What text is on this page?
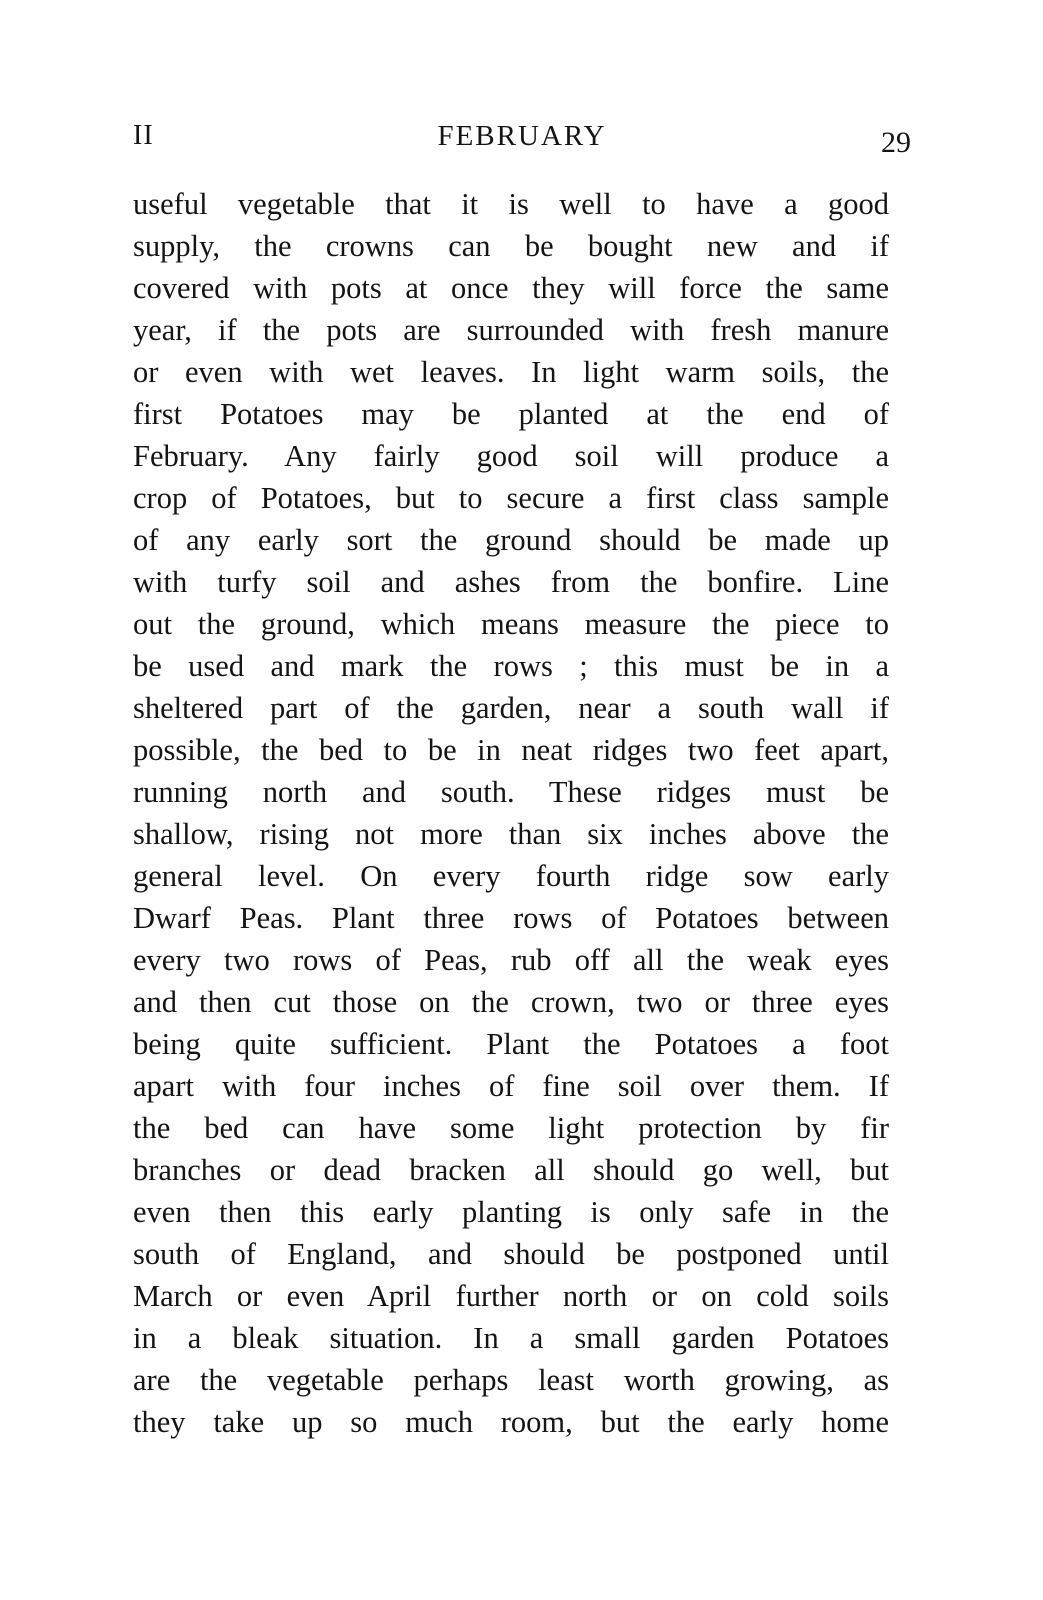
II	FEBRUARY	29
useful vegetable that it is well to have a good
supply, the crowns can be bought new and if
covered with pots at once they will force the same
year, if the pots are surrounded with fresh manure
or even with wet leaves. In light warm soils, the
first Potatoes may be planted at the end of
February. Any fairly good soil will produce a
crop of Potatoes, but to secure a first class sample
of any early sort the ground should be made up
with turfy soil and ashes from the bonfire. Line
out the ground, which means measure the piece to
be used and mark the rows ; this must be in a
sheltered part of the garden, near a south wall if
possible, the bed to be in neat ridges two feet apart,
running north and south. These ridges must be
shallow, rising not more than six inches above the
general level. On every fourth ridge sow early
Dwarf Peas. Plant three rows of Potatoes between
every two rows of Peas, rub off all the weak eyes
and then cut those on the crown, two or three eyes
being quite sufficient. Plant the Potatoes a foot
apart with four inches of fine soil over them. If
the bed can have some light protection by fir
branches or dead bracken all should go well, but
even then this early planting is only safe in the
south of England, and should be postponed until
March or even April further north or on cold soils
in a bleak situation. In a small garden Potatoes
are the vegetable perhaps least worth growing, as
they take up so much room, but the early home
